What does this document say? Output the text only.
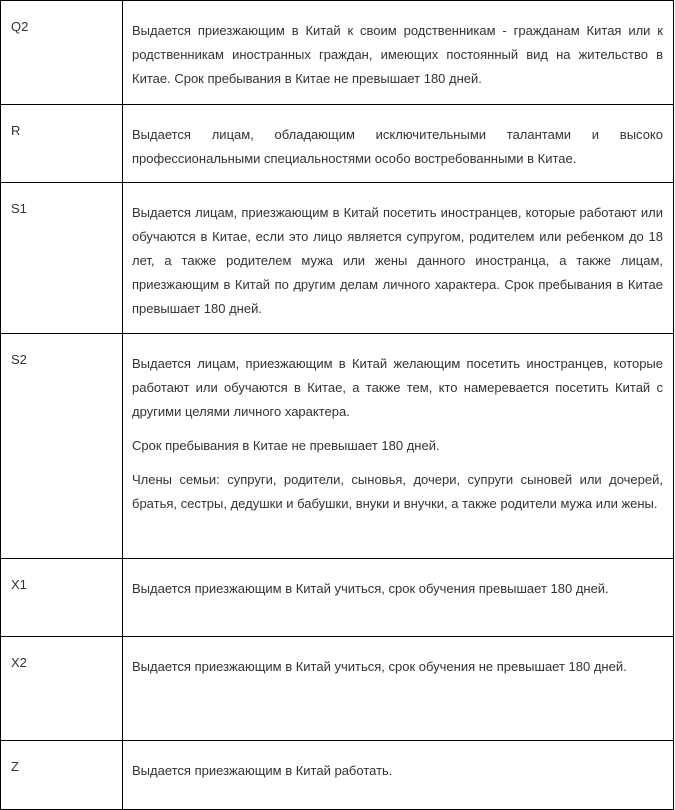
Q2	Выдается приезжающим в Китай к своим родственникам - гражданам Китая или к родственникам иностранных граждан, имеющих постоянный вид на жительство в Китае. Срок пребывания в Китае не превышает 180 дней.

R	Выдается лицам, обладающим исключительными талантами и высоко профессиональными специальностями особо востребованными в Китае.

S1	Выдается лицам, приезжающим в Китай посетить иностранцев, которые работают или обучаются в Китае, если это лицо является супругом, родителем или ребенком до 18 лет, а также родителем мужа или жены данного иностранца, а также лицам, приезжающим в Китай по другим делам личного характера. Срок пребывания в Китае превышает 180 дней.

S2	Выдается лицам, приезжающим в Китай желающим посетить иностранцев, которые работают или обучаются в Китае, а также тем, кто намеревается посетить Китай с другими целями личного характера.

Срок пребывания в Китае не превышает 180 дней.

Члены семьи: супруги, родители, сыновья, дочери, супруги сыновей или дочерей, братья, сестры, дедушки и бабушки, внуки и внучки, а также родители мужа или жены.

X1	Выдается приезжающим в Китай учиться, срок обучения превышает 180 дней.

X2	Выдается приезжающим в Китай учиться, срок обучения не превышает 180 дней.

Z	Выдается приезжающим в Китай работать.
